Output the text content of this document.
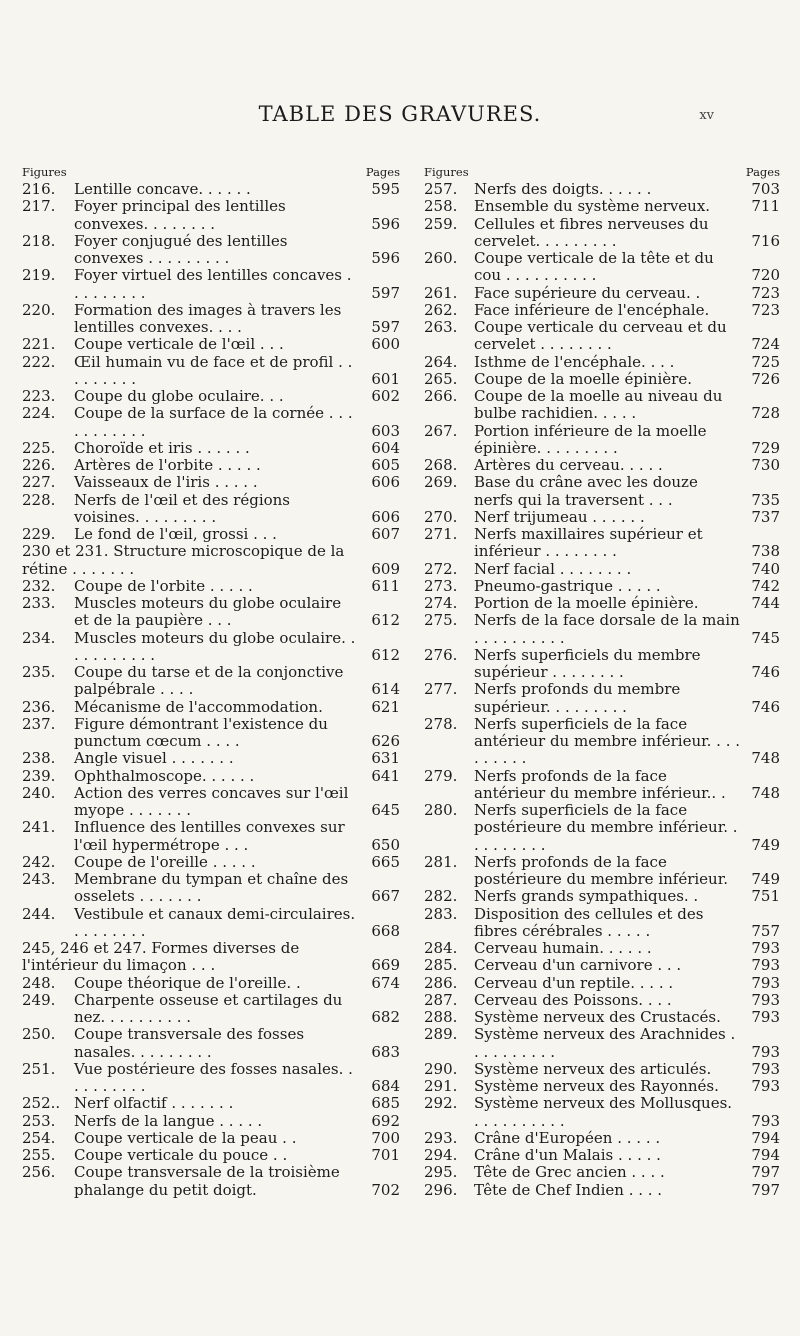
TABLE DES GRAVURES.	xv
Figures	Pages
216.	Lentille concave. . . . . .	595
217.	Foyer principal des lentilles convexes. . . . . . . .	596
218.	Foyer conjugué des lentilles convexes . . . . . . . . .	596
219.	Foyer virtuel des lentilles concaves . . . . . . . . .	597
220.	Formation des images à travers les lentilles convexes. . . .	597
221.	Coupe verticale de l'œil . . .	600
222.	Œil humain vu de face et de profil . . . . . . . . .	601
223.	Coupe du globe oculaire. . .	602
224.	Coupe de la surface de la cornée . . . . . . . . . . .	603
225.	Choroïde et iris . . . . . .	604
226.	Artères de l'orbite . . . . .	605
227.	Vaisseaux de l'iris . . . . .	606
228.	Nerfs de l'œil et des régions voisines. . . . . . . . .	606
229.	Le fond de l'œil, grossi . . .	607
230 et 231. Structure microscopique de la rétine . . . . . . .	609
232.	Coupe de l'orbite . . . . .	611
233.	Muscles moteurs du globe oculaire et de la paupière . . .	612
234.	Muscles moteurs du globe oculaire. . . . . . . . . . .	612
235.	Coupe du tarse et de la conjonctive palpébrale . . . .	614
236.	Mécanisme de l'accommodation.	621
237.	Figure démontrant l'existence du punctum cœcum . . . .	626
238.	Angle visuel . . . . . . .	631
239.	Ophthalmoscope. . . . . .	641
240.	Action des verres concaves sur l'œil myope . . . . . . .	645
241.	Influence des lentilles convexes sur l'œil hypermétrope . . .	650
242.	Coupe de l'oreille . . . . .	665
243.	Membrane du tympan et chaîne des osselets . . . . . . .	667
244.	Vestibule et canaux demi-circulaires. . . . . . . . .	668
245, 246 et 247. Formes diverses de l'intérieur du limaçon . . .	669
248.	Coupe théorique de l'oreille. .	674
249.	Charpente osseuse et cartilages du nez. . . . . . . . . .	682
250.	Coupe transversale des fosses nasales. . . . . . . . .	683
251.	Vue postérieure des fosses nasales. . . . . . . . . .	684
252.. Nerf olfactif . . . . . . .	685
253.	Nerfs de la langue . . . . .	692
254.	Coupe verticale de la peau . .	700
255.	Coupe verticale du pouce . .	701
256.	Coupe transversale de la troisième phalange du petit doigt.	702
Figures	Pages
257.	Nerfs des doigts. . . . . .	703
258.	Ensemble du système nerveux.	711
259.	Cellules et fibres nerveuses du cervelet. . . . . . . . .	716
260.	Coupe verticale de la tête et du cou . . . . . . . . . .	720
261.	Face supérieure du cerveau. .	723
262.	Face inférieure de l'encéphale.	723
263.	Coupe verticale du cerveau et du cervelet . . . . . . . .	724
264.	Isthme de l'encéphale. . . .	725
265.	Coupe de la moelle épinière.	726
266.	Coupe de la moelle au niveau du bulbe rachidien. . . . .	728
267.	Portion inférieure de la moelle épinière. . . . . . . . .	729
268.	Artères du cerveau. . . . .	730
269.	Base du crâne avec les douze nerfs qui la traversent . . .	735
270.	Nerf trijumeau . . . . . .	737
271.	Nerfs maxillaires supérieur et inférieur . . . . . . . .	738
272.	Nerf facial . . . . . . . .	740
273.	Pneumo-gastrique . . . . .	742
274.	Portion de la moelle épinière.	744
275.	Nerfs de la face dorsale de la main . . . . . . . . . .	745
276.	Nerfs superficiels du membre supérieur . . . . . . . .	746
277.	Nerfs profonds du membre supérieur. . . . . . . . .	746
278.	Nerfs superficiels de la face antérieur du membre inférieur. . . . . . . . . .	748
279.	Nerfs profonds de la face antérieur du membre inférieur.. .	748
280.	Nerfs superficiels de la face postérieure du membre inférieur. . . . . . . . . .	749
281.	Nerfs profonds de la face postérieure du membre inférieur.	749
282.	Nerfs grands sympathiques. .	751
283.	Disposition des cellules et des fibres cérébrales . . . . .	757
284.	Cerveau humain. . . . . .	793
285.	Cerveau d'un carnivore . . .	793
286.	Cerveau d'un reptile. . . . .	793
287.	Cerveau des Poissons. . . .	793
288.	Système nerveux des Crustacés.	793
289.	Système nerveux des Arachnides . . . . . . . . . .	793
290.	Système nerveux des articulés.	793
291.	Système nerveux des Rayonnés.	793
292.	Système nerveux des Mollusques. . . . . . . . . . .	793
293.	Crâne d'Européen . . . . .	794
294.	Crâne d'un Malais . . . . .	794
295.	Tête de Grec ancien . . . .	797
296.	Tête de Chef Indien . . . .	797
